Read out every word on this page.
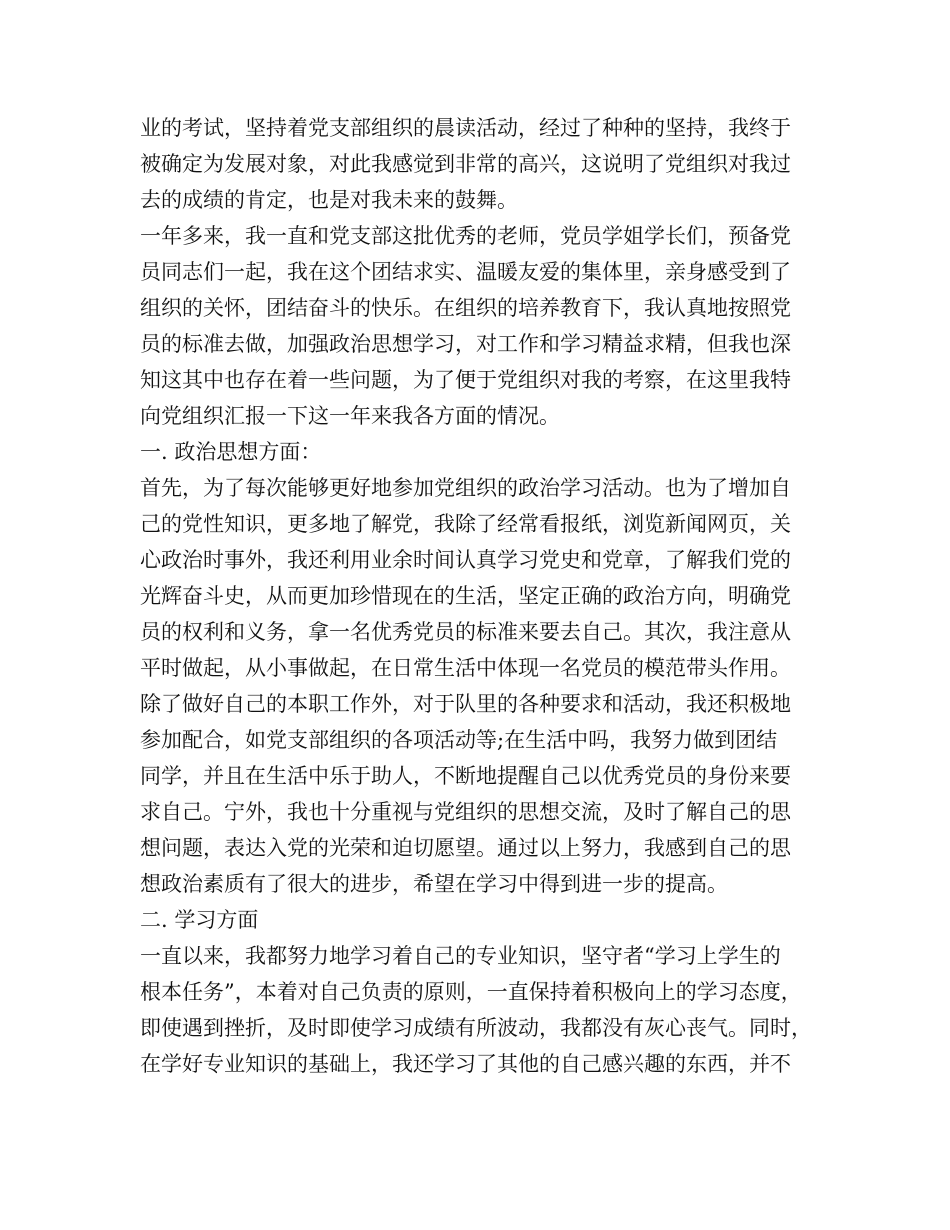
业的考试，坚持着党支部组织的晨读活动，经过了种种的坚持，我终于
被确定为发展对象，对此我感觉到非常的高兴，这说明了党组织对我过
去的成绩的肯定，也是对我未来的鼓舞。
一年多来，我一直和党支部这批优秀的老师，党员学姐学长们，预备党
员同志们一起，我在这个团结求实、温暖友爱的集体里，亲身感受到了
组织的关怀，团结奋斗的快乐。在组织的培养教育下，我认真地按照党
员的标准去做，加强政治思想学习，对工作和学习精益求精，但我也深
知这其中也存在着一些问题，为了便于党组织对我的考察，在这里我特
向党组织汇报一下这一年来我各方面的情况。
一. 政治思想方面：
首先，为了每次能够更好地参加党组织的政治学习活动。也为了增加自
己的党性知识，更多地了解党，我除了经常看报纸，浏览新闻网页，关
心政治时事外，我还利用业余时间认真学习党史和党章，了解我们党的
光辉奋斗史，从而更加珍惜现在的生活，坚定正确的政治方向，明确党
员的权利和义务，拿一名优秀党员的标准来要去自己。其次，我注意从
平时做起，从小事做起，在日常生活中体现一名党员的模范带头作用。
除了做好自己的本职工作外，对于队里的各种要求和活动，我还积极地
参加配合，如党支部组织的各项活动等;在生活中吗，我努力做到团结
同学，并且在生活中乐于助人，不断地提醒自己以优秀党员的身份来要
求自己。宁外，我也十分重视与党组织的思想交流，及时了解自己的思
想问题，表达入党的光荣和迫切愿望。通过以上努力，我感到自己的思
想政治素质有了很大的进步，希望在学习中得到进一步的提高。
二. 学习方面
一直以来，我都努力地学习着自己的专业知识，坚守者“学习上学生的
根本任务”，本着对自己负责的原则，一直保持着积极向上的学习态度，
即使遇到挫折，及时即使学习成绩有所波动，我都没有灰心丧气。同时，
在学好专业知识的基础上，我还学习了其他的自己感兴趣的东西，并不
